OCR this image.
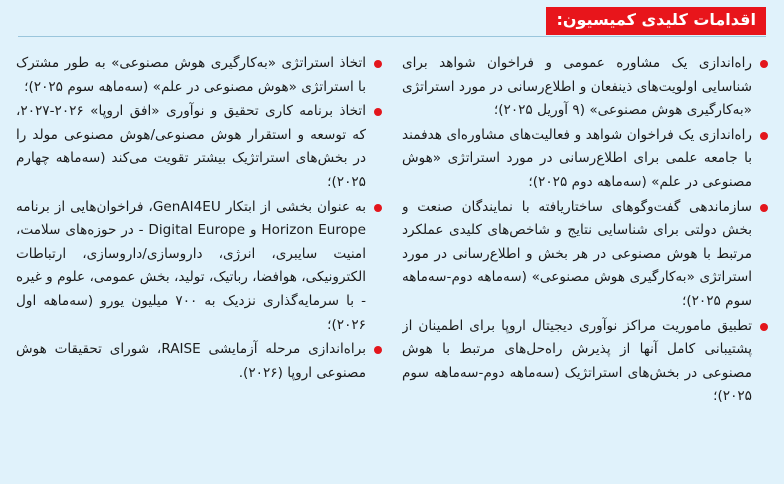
اقدامات کلیدی کمیسیون:
راه‌اندازی یک مشاوره عمومی و فراخوان شواهد برای شناسایی اولویت‌های ذینفعان و اطلاع‌رسانی در مورد استراتژی «به‌کارگیری هوش مصنوعی» (۹ آوریل ۲۰۲۵)؛
راه‌اندازی یک فراخوان شواهد و فعالیت‌های مشاوره‌ای هدفمند با جامعه علمی برای اطلاع‌رسانی در مورد استراتژی «هوش مصنوعی در علم» (سه‌ماهه دوم ۲۰۲۵)؛
سازماندهی گفت‌وگوهای ساختاریافته با نمایندگان صنعت و بخش دولتی برای شناسایی نتایج و شاخص‌های کلیدی عملکرد مرتبط با هوش مصنوعی در هر بخش و اطلاع‌رسانی در مورد استراتژی «به‌کارگیری هوش مصنوعی» (سه‌ماهه دوم-سه‌ماهه سوم ۲۰۲۵)؛
تطبیق ماموریت مراکز نوآوری دیجیتال اروپا برای اطمینان از پشتیبانی کامل آنها از پذیرش راه‌حل‌های مرتبط با هوش مصنوعی در بخش‌های استراتژیک (سه‌ماهه دوم-سه‌ماهه سوم ۲۰۲۵)؛
اتخاذ استراتژی «به‌کارگیری هوش مصنوعی» به طور مشترک با استراتژی «هوش مصنوعی در علم» (سه‌ماهه سوم ۲۰۲۵)؛
اتخاذ برنامه کاری تحقیق و نوآوری «افق اروپا» ۲۰۲۶-۲۰۲۷، که توسعه و استقرار هوش مصنوعی/هوش مصنوعی مولد را در بخش‌های استراتژیک بیشتر تقویت می‌کند (سه‌ماهه چهارم ۲۰۲۵)؛
به عنوان بخشی از ابتکار GenAI4EU، فراخوان‌هایی از برنامه Horizon Europe و Digital Europe - در حوزه‌های سلامت، امنیت سایبری، انرژی، داروسازی/دارو‌سازی، ارتباطات الکترونیکی، هوافضا، رباتیک، تولید، بخش عمومی، علوم و غیره - با سرمایه‌گذاری نزدیک به ۷۰۰ میلیون یورو (سه‌ماهه اول ۲۰۲۶)؛
براه‌اندازی مرحله آزمایشی RAISE، شورای تحقیقات هوش مصنوعی اروپا (۲۰۲۶).
